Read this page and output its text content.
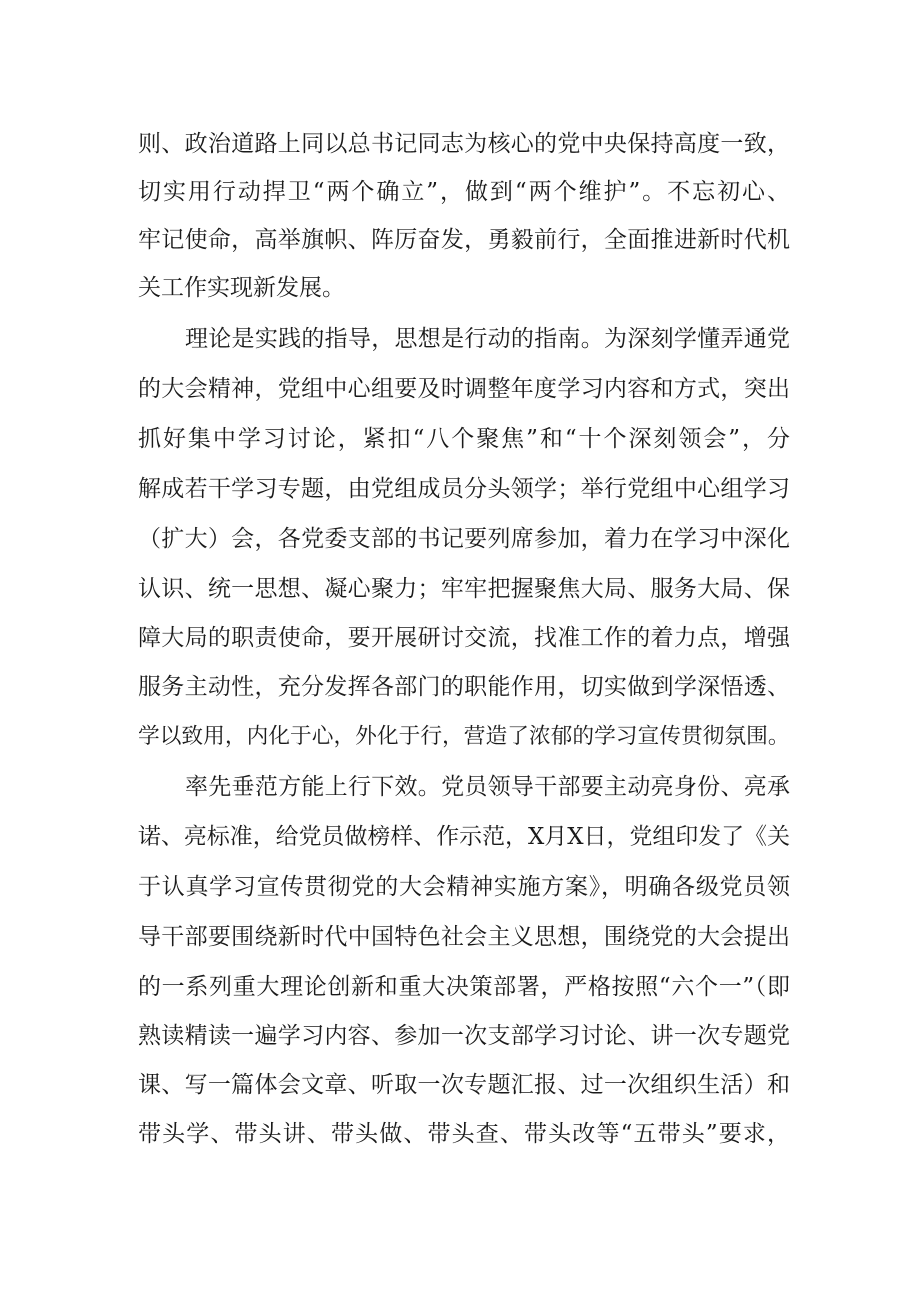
则、政治道路上同以总书记同志为核心的党中央保持高度一致，
切实用行动捍卫“两个确立”，做到“两个维护”。不忘初心、
牢记使命，高举旗帜、阵厉奋发，勇毅前行，全面推进新时代机
关工作实现新发展。
理论是实践的指导，思想是行动的指南。为深刻学懂弄通党
的大会精神，党组中心组要及时调整年度学习内容和方式，突出
抓好集中学习讨论，紧扣“八个聚焦”和“十个深刻领会”，分
解成若干学习专题，由党组成员分头领学；举行党组中心组学习
（扩大）会，各党委支部的书记要列席参加，着力在学习中深化
认识、统一思想、凝心聚力；牢牢把握聚焦大局、服务大局、保
障大局的职责使命，要开展研讨交流，找准工作的着力点，增强
服务主动性，充分发挥各部门的职能作用，切实做到学深悟透、
学以致用，内化于心，外化于行，营造了浓郁的学习宣传贯彻氛围。
率先垂范方能上行下效。党员领导干部要主动亮身份、亮承
诺、亮标准，给党员做榜样、作示范，X月X日，党组印发了《关
于认真学习宣传贯彻党的大会精神实施方案》，明确各级党员领
导干部要围绕新时代中国特色社会主义思想，围绕党的大会提出
的一系列重大理论创新和重大决策部署，严格按照“六个一”（即
熟读精读一遍学习内容、参加一次支部学习讨论、讲一次专题党
课、写一篇体会文章、听取一次专题汇报、过一次组织生活）和
带头学、带头讲、带头做、带头查、带头改等“五带头”要求，
